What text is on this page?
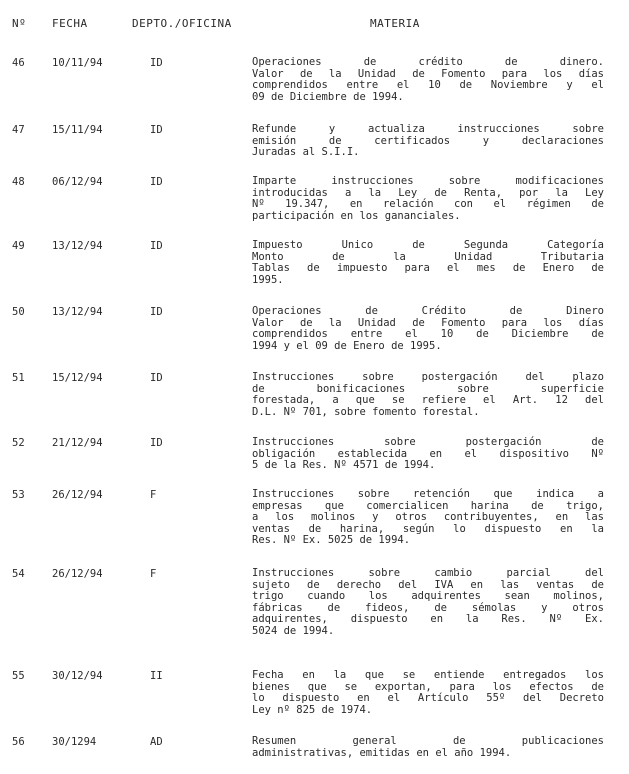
Nº FECHA	DEPTO./OFICINA	MATERIA
46	10/11/94	ID	Operaciones de crédito de dinero.
Valor de la Unidad de Fomento para los días
comprendidos entre el 10 de Noviembre y el
09 de Diciembre de 1994.
47	15/11/94	ID	Refunde y actualiza instrucciones sobre
emisión de certificados y declaraciones
Juradas al S.I.I.
48	06/12/94	ID	Imparte instrucciones sobre modificaciones
introducidas a la Ley de Renta, por la Ley
Nº 19.347, en relación con el régimen de
participación en los gananciales.
49	13/12/94	ID	Impuesto Unico de Segunda Categoría
Monto de la Unidad Tributaria
Tablas de impuesto para el mes de Enero de
1995.
50	13/12/94	ID	Operaciones de Crédito de Dinero
Valor de la Unidad de Fomento para los días
comprendidos entre el 10 de Diciembre de
1994 y el 09 de Enero de 1995.
51	15/12/94	ID	Instrucciones sobre postergación del plazo
de bonificaciones sobre superficie
forestada, a que se refiere el Art. 12 del
D.L. Nº 701, sobre fomento forestal.
52	21/12/94	ID	Instrucciones sobre postergación de
obligación establecida en el dispositivo Nº
5 de la Res. Nº 4571 de 1994.
53	26/12/94	F	Instrucciones sobre retención que indica a
empresas que comercialicen harina de trigo,
a los molinos y otros contribuyentes, en las
ventas de harina, según lo dispuesto en la
Res. Nº Ex. 5025 de 1994.
54	26/12/94	F	Instrucciones sobre cambio parcial del
sujeto de derecho del IVA en las ventas de
trigo cuando los adquirentes sean molinos,
fábricas de fideos, de sémolas y otros
adquirentes, dispuesto en la Res. Nº Ex.
5024 de 1994.
55	30/12/94	II	Fecha en la que se entiende entregados los
bienes que se exportan, para los efectos de
lo dispuesto en el Artículo 55º del Decreto
Ley nº 825 de 1974.
56	30/1294	AD	Resumen general de publicaciones
administrativas, emitidas en el año 1994.
